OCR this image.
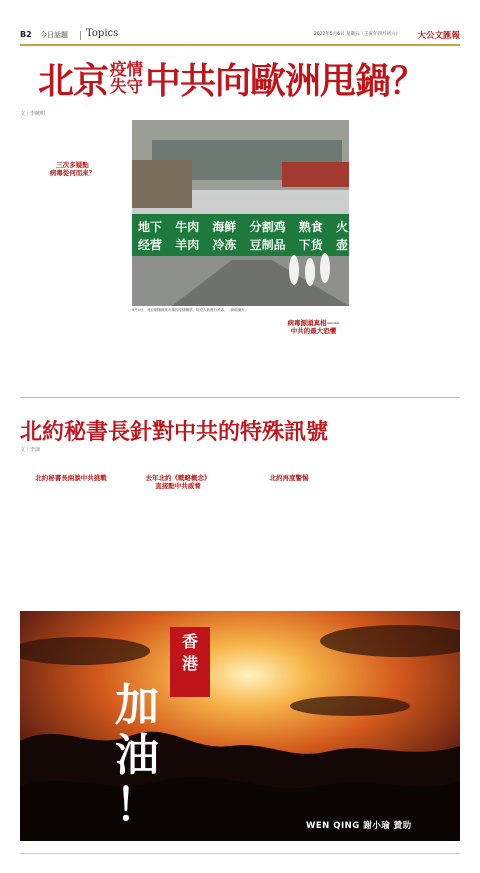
B2 今日話題 Topics	2022年5月6日 星期五（壬寅年四月初六） 大公文匯報
北京 疫情
失守 中共向歐洲甩鍋？
文｜李曉明

三次多疑點
病毒從何而來？

病毒源頭真相——
中共的最大恐懼

地下 牛肉 海鲜 分割鸡 熟食 火
经营 羊肉 冷冻 豆制品 下货 壶
5月1日，北京朝陽區某市場因疫情關閉，防疫人員進行消毒。（網絡圖片）
北約秘書長針對中共的特殊訊號
文｜李濤

北約秘書長兩談中共挑戰

　　　　　　　　　　　　　　　　　　　　　　　　　　　　　　　　　　　　　　	去年北約《戰略概念》
直接點中共威脅

北約再度警惕

香
港
加
油
！	WEN QING 謝小瑜 贊助
